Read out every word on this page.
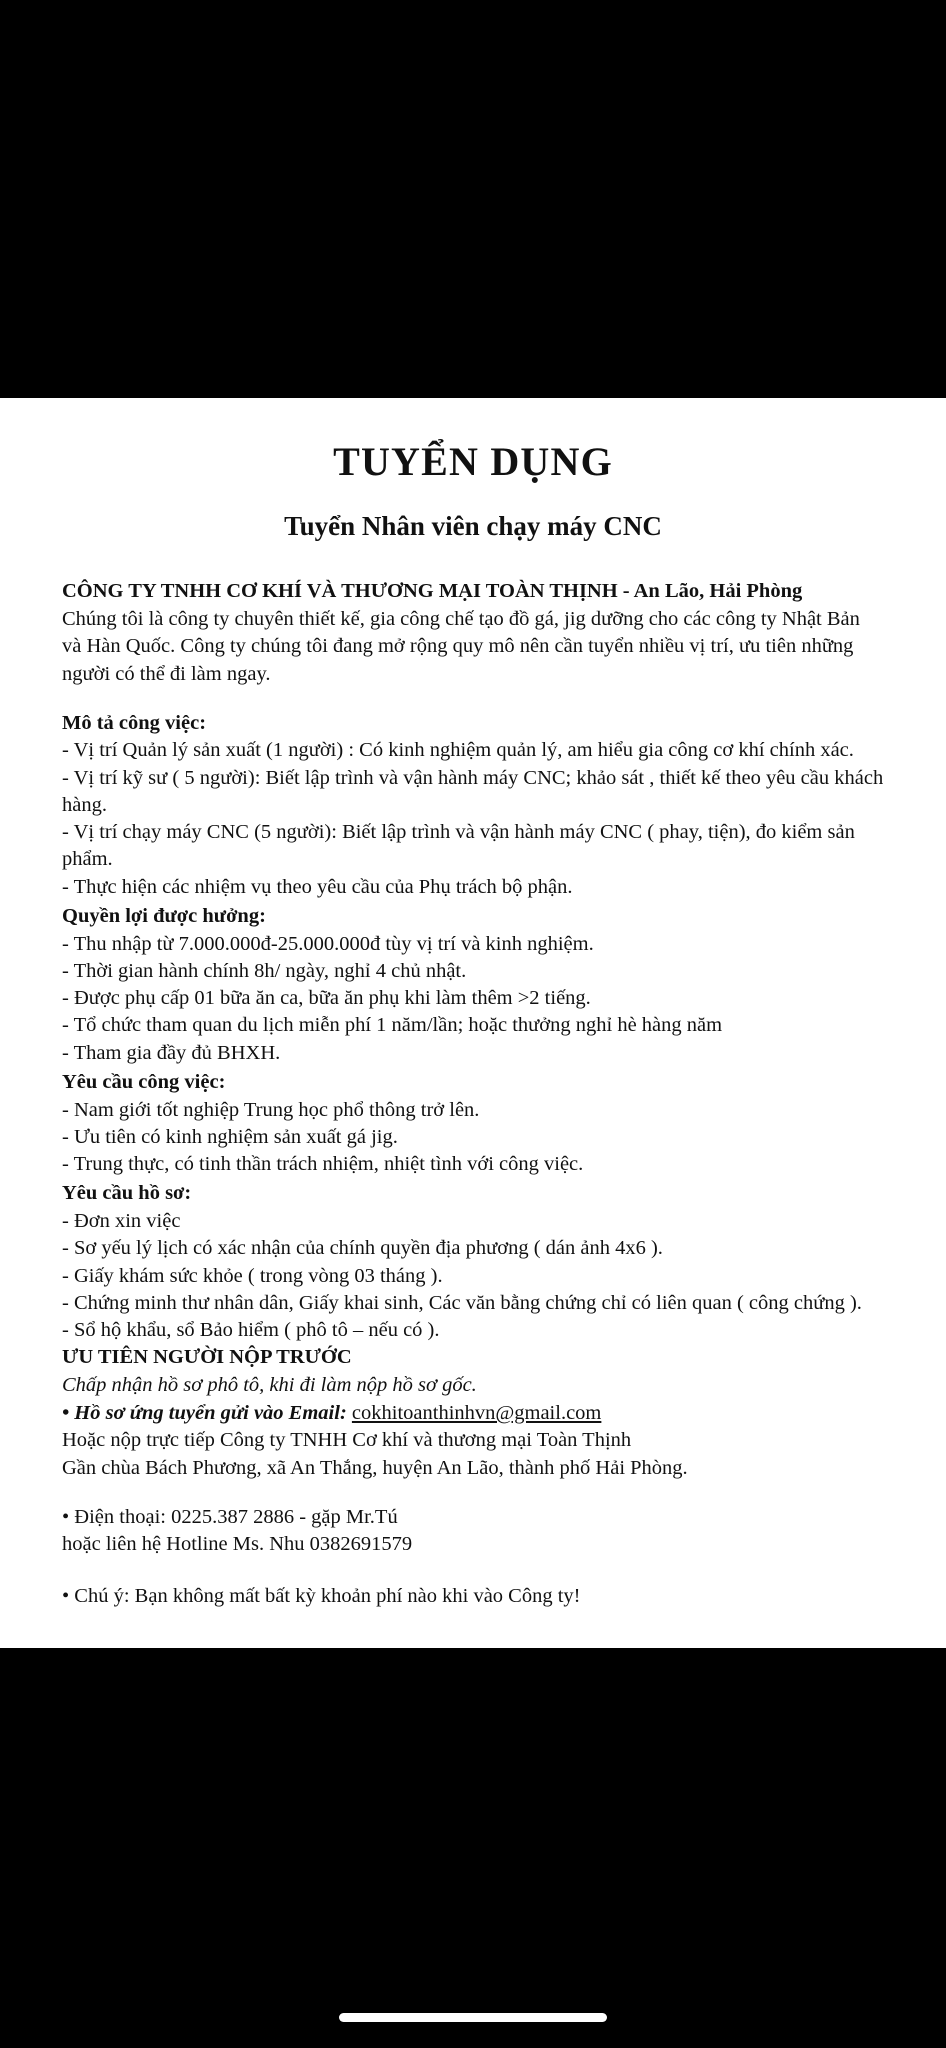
TUYỂN DỤNG
Tuyển Nhân viên chạy máy CNC
CÔNG TY TNHH CƠ KHÍ VÀ THƯƠNG MẠI TOÀN THỊNH - An Lão, Hải Phòng

Chúng tôi là công ty chuyên thiết kế, gia công chế tạo đồ gá, jig dưỡng cho các công ty Nhật Bản và Hàn Quốc. Công ty chúng tôi đang mở rộng quy mô nên cần tuyển nhiều vị trí, ưu tiên những người có thể đi làm ngay.

Mô tả công việc:
- Vị trí Quản lý sản xuất (1 người) : Có kinh nghiệm quản lý, am hiểu gia công cơ khí chính xác.
- Vị trí kỹ sư ( 5 người): Biết lập trình và vận hành máy CNC; khảo sát , thiết kế theo yêu cầu khách hàng.
- Vị trí chạy máy CNC (5 người): Biết lập trình và vận hành máy CNC ( phay, tiện), đo kiểm sản phẩm.
- Thực hiện các nhiệm vụ theo yêu cầu của Phụ trách bộ phận.
Quyền lợi được hưởng:
- Thu nhập từ 7.000.000đ-25.000.000đ tùy vị trí và kinh nghiệm.
- Thời gian hành chính 8h/ ngày, nghỉ 4 chủ nhật.
- Được phụ cấp 01 bữa ăn ca, bữa ăn phụ khi làm thêm >2 tiếng.
- Tổ chức tham quan du lịch miễn phí 1 năm/lần; hoặc thưởng nghỉ hè hàng năm
- Tham gia đầy đủ BHXH.
Yêu cầu công việc:
- Nam giới tốt nghiệp Trung học phổ thông trở lên.
- Ưu tiên có kinh nghiệm sản xuất gá jig.
- Trung thực, có tinh thần trách nhiệm, nhiệt tình với công việc.
Yêu cầu hồ sơ:
- Đơn xin việc
- Sơ yếu lý lịch có xác nhận của chính quyền địa phương ( dán ảnh 4x6 ).
- Giấy khám sức khỏe ( trong vòng 03 tháng ).
- Chứng minh thư nhân dân, Giấy khai sinh, Các văn bằng chứng chỉ có liên quan ( công chứng ).
- Sổ hộ khẩu, sổ Bảo hiểm ( phô tô – nếu có ).
ƯU TIÊN NGƯỜI NỘP TRƯỚC
Chấp nhận hồ sơ phô tô, khi đi làm nộp hồ sơ gốc.
• Hồ sơ ứng tuyển gửi vào Email: cokhitoanthinhvn@gmail.com
Hoặc nộp trực tiếp Công ty TNHH Cơ khí và thương mại Toàn Thịnh
Gần chùa Bách Phương, xã An Thắng, huyện An Lão, thành phố Hải Phòng.
• Điện thoại: 0225.387 2886 - gặp Mr.Tú
hoặc liên hệ Hotline Ms. Nhu 0382691579
• Chú ý: Bạn không mất bất kỳ khoản phí nào khi vào Công ty!
